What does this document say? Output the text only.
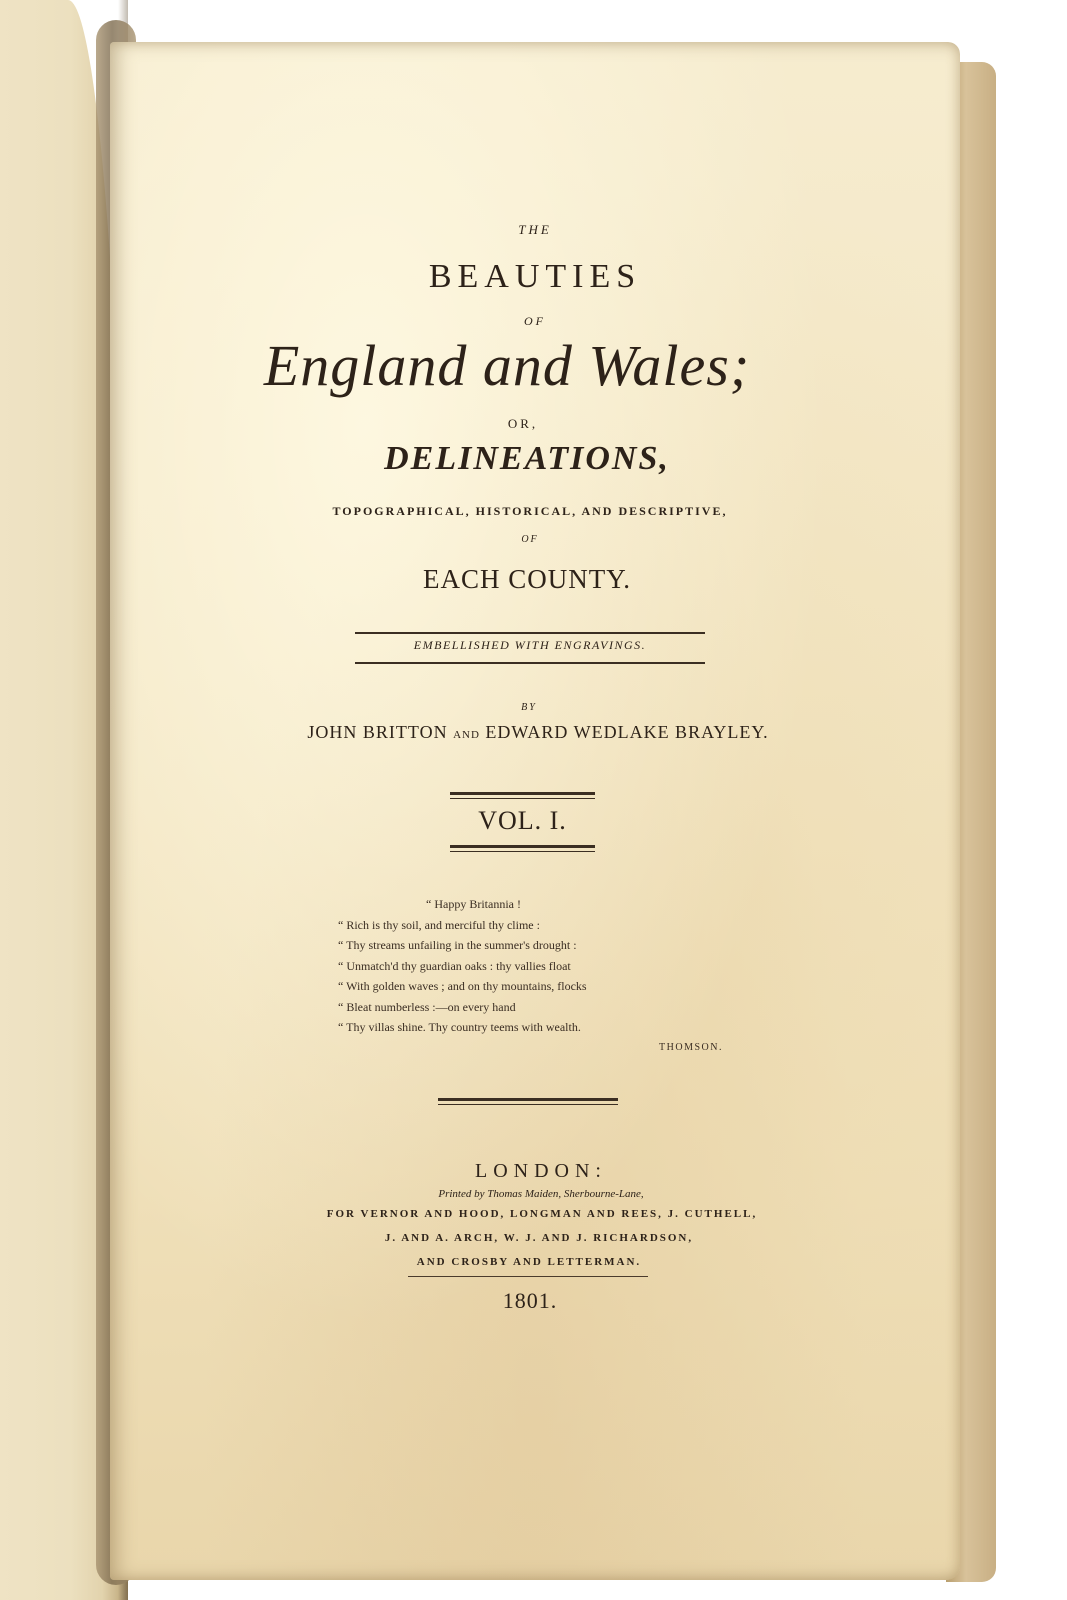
THE
BEAUTIES
OF
England and Wales;
OR,
DELINEATIONS,
TOPOGRAPHICAL, HISTORICAL, AND DESCRIPTIVE,
OF
EACH COUNTY.
EMBELLISHED WITH ENGRAVINGS.
BY
JOHN BRITTON AND EDWARD WEDLAKE BRAYLEY.
VOL. I.
“ Happy Britannia !
“ Rich is thy soil, and merciful thy clime :
“ Thy streams unfailing in the summer's drought :
“ Unmatch'd thy guardian oaks : thy vallies float
“ With golden waves ; and on thy mountains, flocks
“ Bleat numberless :—on every hand
“ Thy villas shine. Thy country teems with wealth.
THOMSON.
LONDON:
Printed by Thomas Maiden, Sherbourne-Lane,
FOR VERNOR AND HOOD, LONGMAN AND REES, J. CUTHELL,
J. AND A. ARCH, W. J. AND J. RICHARDSON,
AND CROSBY AND LETTERMAN.
1801.
